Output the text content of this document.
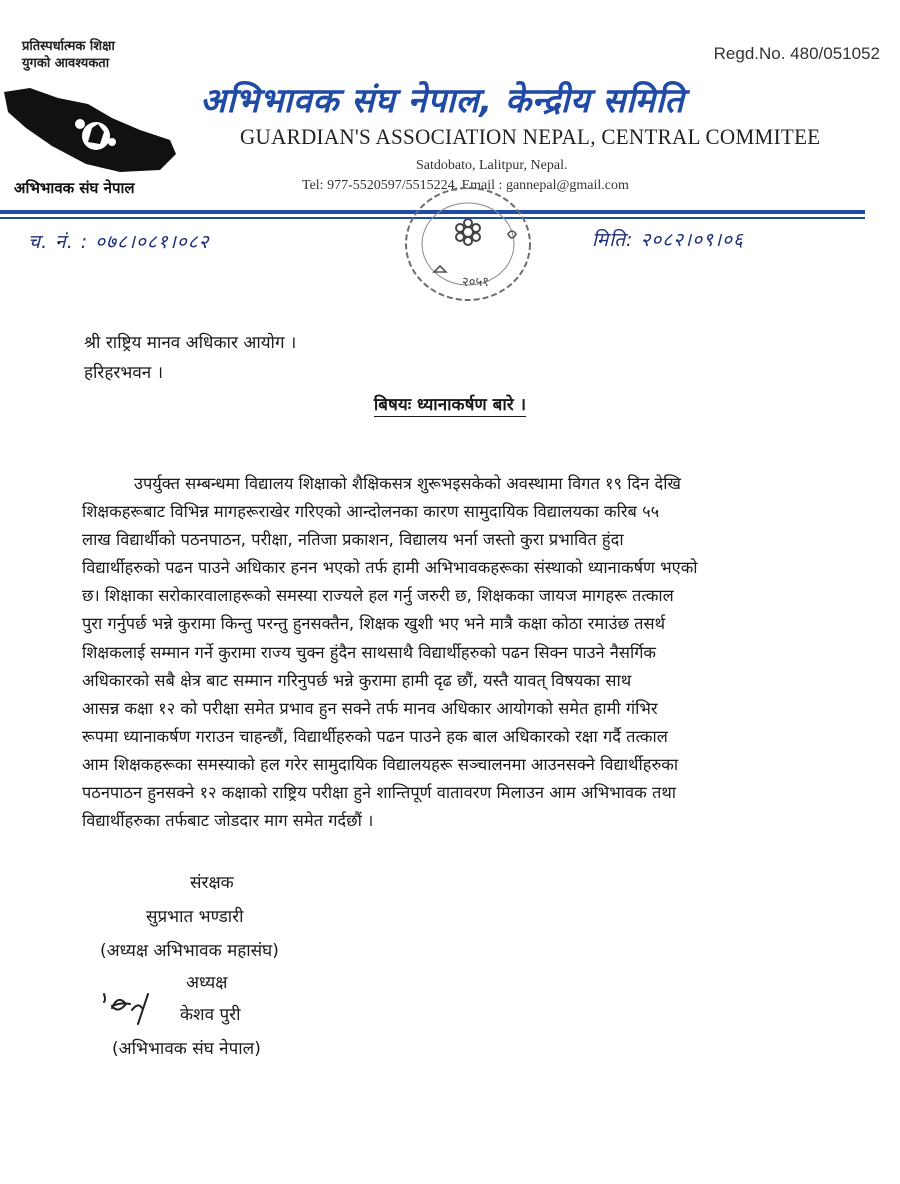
प्रतिस्पर्धात्मक शिक्षा
युगको आवश्यकता
अभिभावक संघ नेपाल
Regd.No. 480/051052
अभिभावक संघ नेपाल, केन्द्रीय समिति
GUARDIAN'S ASSOCIATION NEPAL, CENTRAL COMMITEE
Satdobato, Lalitpur, Nepal.
Tel: 977-5520597/5515224, Email : gannepal@gmail.com
२०५१
च. नं. : ०७८।०८१।०८२	मिति: २०८२।०९।०६
श्री राष्ट्रिय मानव अधिकार आयोग ।
हरिहरभवन ।
बिषयः ध्यानाकर्षण बारे ।
उपर्युक्त सम्बन्धमा विद्यालय शिक्षाको शैक्षिकसत्र शुरूभइसकेको अवस्थामा विगत १९ दिन देखि
शिक्षकहरूबाट विभिन्न मागहरूराखेर गरिएको आन्दोलनका कारण सामुदायिक विद्यालयका करिब ५५
लाख विद्यार्थीको पठनपाठन, परीक्षा, नतिजा प्रकाशन, विद्यालय भर्ना जस्तो कुरा प्रभावित हुंदा
विद्यार्थीहरुको पढन पाउने अधिकार हनन भएको तर्फ हामी अभिभावकहरूका संस्थाको ध्यानाकर्षण भएको
छ। शिक्षाका सरोकारवालाहरूको समस्या राज्यले हल गर्नु जरुरी छ, शिक्षकका जायज मागहरू तत्काल
पुरा गर्नुपर्छ भन्ने कुरामा किन्तु परन्तु हुनसक्तैन, शिक्षक खुशी भए भने मात्रै कक्षा कोठा रमाउंछ तसर्थ
शिक्षकलाई सम्मान गर्ने कुरामा राज्य चुक्न हुंदैन साथसाथै विद्यार्थीहरुको पढन सिक्न पाउने नैसर्गिक
अधिकारको सबै क्षेत्र बाट सम्मान गरिनुपर्छ भन्ने कुरामा हामी दृढ छौं, यस्तै यावत् विषयका साथ
आसन्न कक्षा १२ को परीक्षा समेत प्रभाव हुन सक्ने तर्फ मानव अधिकार आयोगको समेत हामी गंभिर
रूपमा ध्यानाकर्षण गराउन चाहन्छौं, विद्यार्थीहरुको पढन पाउने हक बाल अधिकारको रक्षा गर्दै तत्काल
आम शिक्षकहरूका समस्याको हल गरेर सामुदायिक विद्यालयहरू सञ्चालनमा आउनसक्ने विद्यार्थीहरुका
पठनपाठन हुनसक्ने १२ कक्षाको राष्ट्रिय परीक्षा हुने शान्तिपूर्ण वातावरण मिलाउन आम अभिभावक तथा
विद्यार्थीहरुका तर्फबाट जोडदार माग समेत गर्दछौं ।
संरक्षक
सुप्रभात भण्डारी
(अध्यक्ष अभिभावक महासंघ)
अध्यक्ष
केशव पुरी
(अभिभावक संघ नेपाल)
